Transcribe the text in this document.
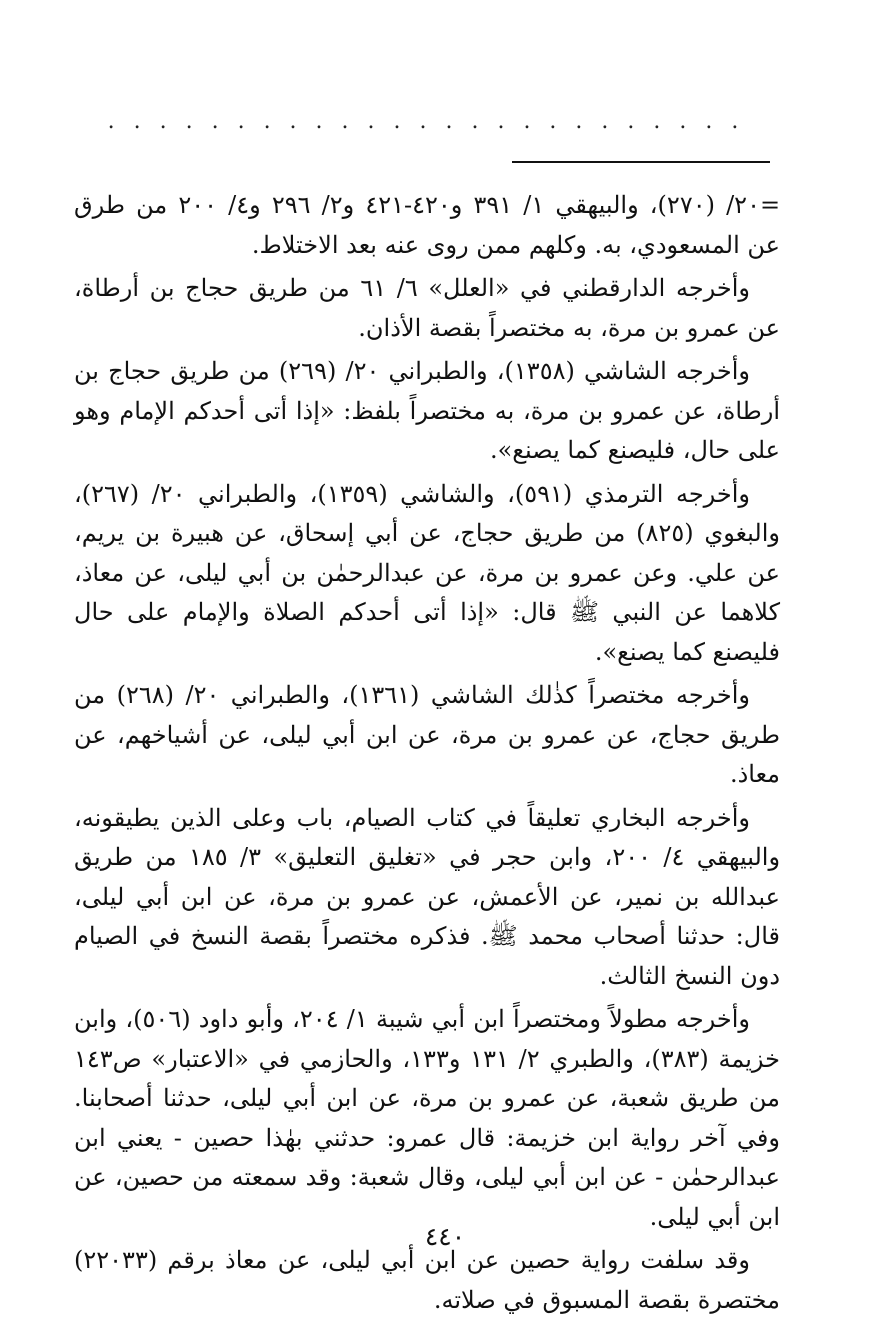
. . . . . . . . . . . . . . . . . . . . . . . . .

=٢٠/ (٢٧٠)، والبيهقي ١/ ٣٩١ و٤٢٠-٤٢١ و٢/ ٢٩٦ و٤/ ٢٠٠ من طرق عن المسعودي، به. وكلهم ممن روى عنه بعد الاختلاط.

وأخرجه الدارقطني في «العلل» ٦/ ٦١ من طريق حجاج بن أرطاة، عن عمرو بن مرة، به مختصراً بقصة الأذان.

وأخرجه الشاشي (١٣٥٨)، والطبراني ٢٠/ (٢٦٩) من طريق حجاج بن أرطاة، عن عمرو بن مرة، به مختصراً بلفظ: «إذا أتى أحدكم الإمام وهو على حال، فليصنع كما يصنع».

وأخرجه الترمذي (٥٩١)، والشاشي (١٣٥٩)، والطبراني ٢٠/ (٢٦٧)، والبغوي (٨٢٥) من طريق حجاج، عن أبي إسحاق، عن هبيرة بن يريم، عن علي. وعن عمرو بن مرة، عن عبدالرحمٰن بن أبي ليلى، عن معاذ، كلاهما عن النبي ﷺ قال: «إذا أتى أحدكم الصلاة والإمام على حال فليصنع كما يصنع».

وأخرجه مختصراً كذٰلك الشاشي (١٣٦١)، والطبراني ٢٠/ (٢٦٨) من طريق حجاج، عن عمرو بن مرة، عن ابن أبي ليلى، عن أشياخهم، عن معاذ.

وأخرجه البخاري تعليقاً في كتاب الصيام، باب وعلى الذين يطيقونه، والبيهقي ٤/ ٢٠٠، وابن حجر في «تغليق التعليق» ٣/ ١٨٥ من طريق عبدالله بن نمير، عن الأعمش، عن عمرو بن مرة، عن ابن أبي ليلى، قال: حدثنا أصحاب محمد ﷺ. فذكره مختصراً بقصة النسخ في الصيام دون النسخ الثالث.

وأخرجه مطولاً ومختصراً ابن أبي شيبة ١/ ٢٠٤، وأبو داود (٥٠٦)، وابن خزيمة (٣٨٣)، والطبري ٢/ ١٣١ و١٣٣، والحازمي في «الاعتبار» ص١٤٣ من طريق شعبة، عن عمرو بن مرة، عن ابن أبي ليلى، حدثنا أصحابنا. وفي آخر رواية ابن خزيمة: قال عمرو: حدثني بهٰذا حصين - يعني ابن عبدالرحمٰن - عن ابن أبي ليلى، وقال شعبة: وقد سمعته من حصين، عن ابن أبي ليلى.

وقد سلفت رواية حصين عن ابن أبي ليلى، عن معاذ برقم (٢٢٠٣٣) مختصرة بقصة المسبوق في صلاته.

٤٤٠
